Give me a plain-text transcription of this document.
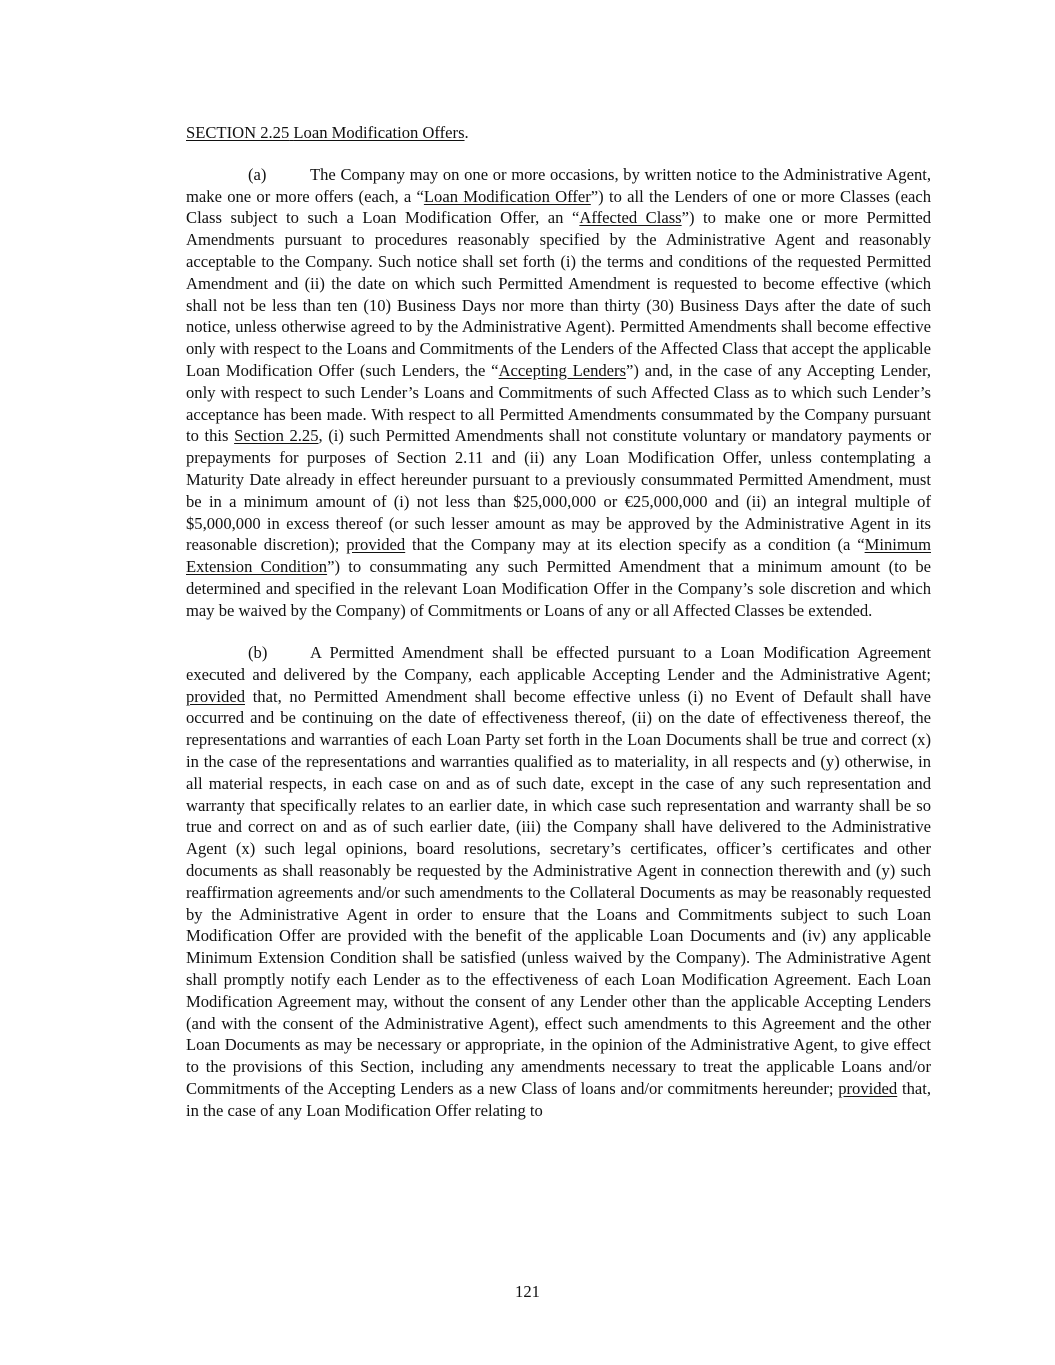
SECTION 2.25 Loan Modification Offers.

(a)	The Company may on one or more occasions, by written notice to the Administrative Agent, make one or more offers (each, a “Loan Modification Offer”) to all the Lenders of one or more Classes (each Class subject to such a Loan Modification Offer, an “Affected Class”) to make one or more Permitted Amendments pursuant to procedures reasonably specified by the Administrative Agent and reasonably acceptable to the Company. Such notice shall set forth (i) the terms and conditions of the requested Permitted Amendment and (ii) the date on which such Permitted Amendment is requested to become effective (which shall not be less than ten (10) Business Days nor more than thirty (30) Business Days after the date of such notice, unless otherwise agreed to by the Administrative Agent). Permitted Amendments shall become effective only with respect to the Loans and Commitments of the Lenders of the Affected Class that accept the applicable Loan Modification Offer (such Lenders, the “Accepting Lenders”) and, in the case of any Accepting Lender, only with respect to such Lender’s Loans and Commitments of such Affected Class as to which such Lender’s acceptance has been made. With respect to all Permitted Amendments consummated by the Company pursuant to this Section 2.25, (i) such Permitted Amendments shall not constitute voluntary or mandatory payments or prepayments for purposes of Section 2.11 and (ii) any Loan Modification Offer, unless contemplating a Maturity Date already in effect hereunder pursuant to a previously consummated Permitted Amendment, must be in a minimum amount of (i) not less than $25,000,000 or €25,000,000 and (ii) an integral multiple of $5,000,000 in excess thereof (or such lesser amount as may be approved by the Administrative Agent in its reasonable discretion); provided that the Company may at its election specify as a condition (a “Minimum Extension Condition”) to consummating any such Permitted Amendment that a minimum amount (to be determined and specified in the relevant Loan Modification Offer in the Company’s sole discretion and which may be waived by the Company) of Commitments or Loans of any or all Affected Classes be extended.

(b)	A Permitted Amendment shall be effected pursuant to a Loan Modification Agreement executed and delivered by the Company, each applicable Accepting Lender and the Administrative Agent; provided that, no Permitted Amendment shall become effective unless (i) no Event of Default shall have occurred and be continuing on the date of effectiveness thereof, (ii) on the date of effectiveness thereof, the representations and warranties of each Loan Party set forth in the Loan Documents shall be true and correct (x) in the case of the representations and warranties qualified as to materiality, in all respects and (y) otherwise, in all material respects, in each case on and as of such date, except in the case of any such representation and warranty that specifically relates to an earlier date, in which case such representation and warranty shall be so true and correct on and as of such earlier date, (iii) the Company shall have delivered to the Administrative Agent (x) such legal opinions, board resolutions, secretary’s certificates, officer’s certificates and other documents as shall reasonably be requested by the Administrative Agent in connection therewith and (y) such reaffirmation agreements and/or such amendments to the Collateral Documents as may be reasonably requested by the Administrative Agent in order to ensure that the Loans and Commitments subject to such Loan Modification Offer are provided with the benefit of the applicable Loan Documents and (iv) any applicable Minimum Extension Condition shall be satisfied (unless waived by the Company). The Administrative Agent shall promptly notify each Lender as to the effectiveness of each Loan Modification Agreement. Each Loan Modification Agreement may, without the consent of any Lender other than the applicable Accepting Lenders (and with the consent of the Administrative Agent), effect such amendments to this Agreement and the other Loan Documents as may be necessary or appropriate, in the opinion of the Administrative Agent, to give effect to the provisions of this Section, including any amendments necessary to treat the applicable Loans and/or Commitments of the Accepting Lenders as a new Class of loans and/or commitments hereunder; provided that, in the case of any Loan Modification Offer relating to

121
